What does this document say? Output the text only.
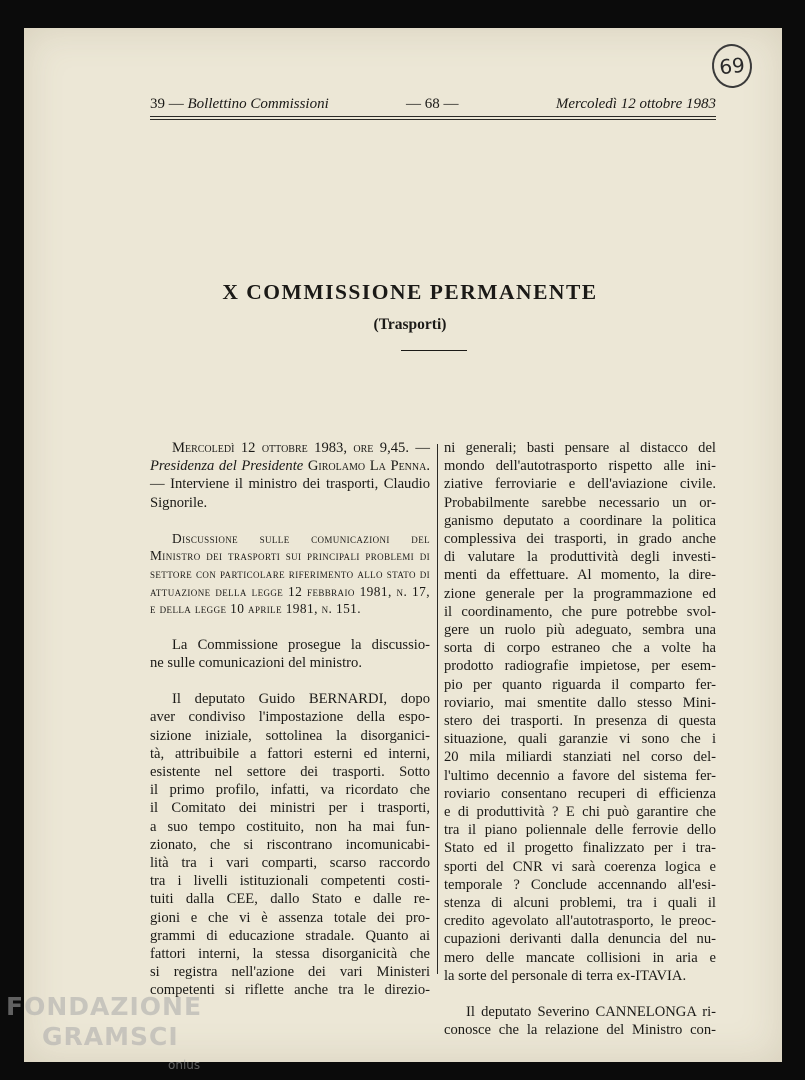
69
39 — Bollettino Commissioni	— 68 —	Mercoledì 12 ottobre 1983
X COMMISSIONE PERMANENTE
(Trasporti)

Mercoledì 12 ottobre 1983, ore 9,45. — Presidenza del Presidente Girolamo La Penna. — Interviene il ministro dei trasporti, Claudio Signorile.

Discussione sulle comunicazioni del Ministro dei trasporti sui principali problemi di settore con particolare riferimento allo stato di attuazione della legge 12 febbraio 1981, n. 17, e della legge 10 aprile 1981, n. 151.

La Commissione prosegue la discussio-
ne sulle comunicazioni del ministro.
Il deputato Guido BERNARDI, dopo
aver condiviso l'impostazione della espo-
sizione iniziale, sottolinea la disorganici-
tà, attribuibile a fattori esterni ed interni,
esistente nel settore dei trasporti. Sotto
il primo profilo, infatti, va ricordato che
il Comitato dei ministri per i trasporti,
a suo tempo costituito, non ha mai fun-
zionato, che si riscontrano incomunicabi-
lità tra i vari comparti, scarso raccordo
tra i livelli istituzionali competenti costi-
tuiti dalla CEE, dallo Stato e dalle re-
gioni e che vi è assenza totale dei pro-
grammi di educazione stradale. Quanto ai
fattori interni, la stessa disorganicità che
si registra nell'azione dei vari Ministeri
competenti si riflette anche tra le direzio-
ni generali; basti pensare al distacco del
mondo dell'autotrasporto rispetto alle ini-
ziative ferroviarie e dell'aviazione civile.
Probabilmente sarebbe necessario un or-
ganismo deputato a coordinare la politica
complessiva dei trasporti, in grado anche
di valutare la produttività degli investi-
menti da effettuare. Al momento, la dire-
zione generale per la programmazione ed
il coordinamento, che pure potrebbe svol-
gere un ruolo più adeguato, sembra una
sorta di corpo estraneo che a volte ha
prodotto radiografie impietose, per esem-
pio per quanto riguarda il comparto fer-
roviario, mai smentite dallo stesso Mini-
stero dei trasporti. In presenza di questa
situazione, quali garanzie vi sono che i
20 mila miliardi stanziati nel corso del-
l'ultimo decennio a favore del sistema fer-
roviario consentano recuperi di efficienza
e di produttività ? E chi può garantire che
tra il piano poliennale delle ferrovie dello
Stato ed il progetto finalizzato per i tra-
sporti del CNR vi sarà coerenza logica e
temporale ? Conclude accennando all'esi-
stenza di alcuni problemi, tra i quali il
credito agevolato all'autotrasporto, le preoc-
cupazioni derivanti dalla denuncia del nu-
mero delle mancate collisioni in aria e
la sorte del personale di terra ex-ITAVIA.
Il deputato Severino CANNELONGA ri-
conosce che la relazione del Ministro con-
FONDAZIONE
GRAMSCI
onlus
